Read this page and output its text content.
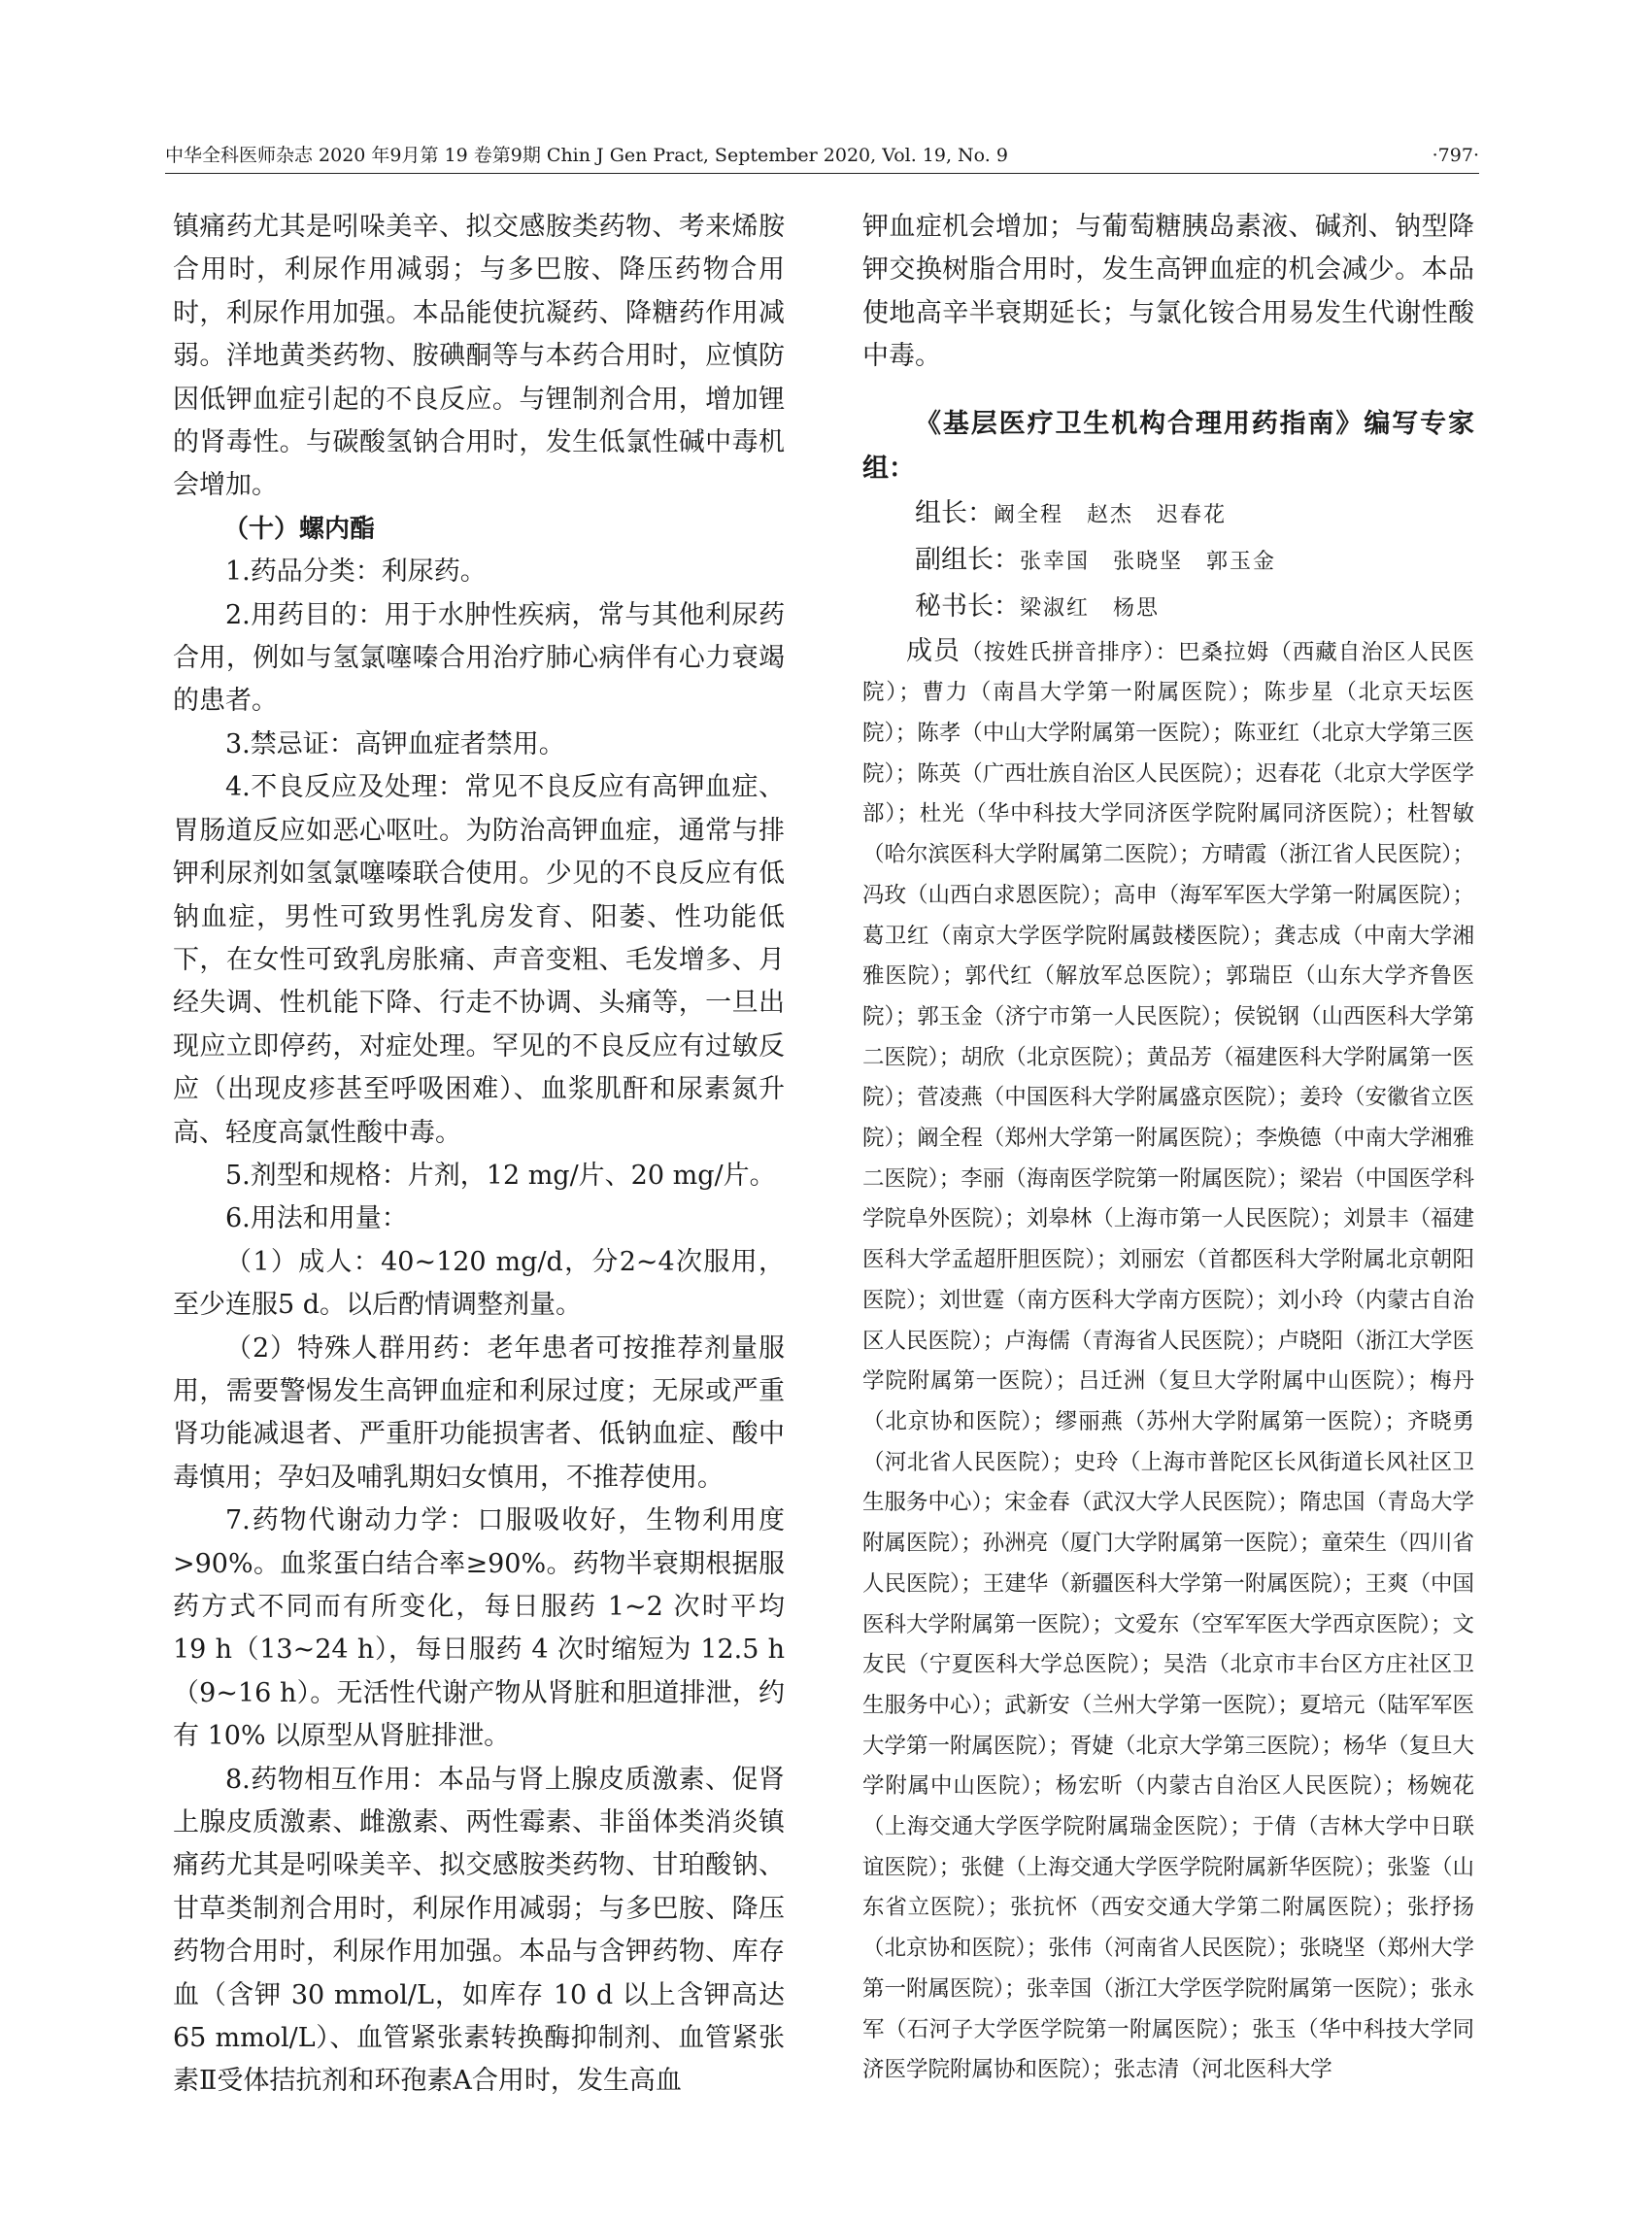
中华全科医师杂志 2020 年9月第 19 卷第9期 Chin J Gen Pract, September 2020, Vol. 19, No. 9	·797·

镇痛药尤其是吲哚美辛、拟交感胺类药物、考来烯胺合用时，利尿作用减弱；与多巴胺、降压药物合用时，利尿作用加强。本品能使抗凝药、降糖药作用减弱。洋地黄类药物、胺碘酮等与本药合用时，应慎防因低钾血症引起的不良反应。与锂制剂合用，增加锂的肾毒性。与碳酸氢钠合用时，发生低氯性碱中毒机会增加。

（十）螺内酯

1.药品分类：利尿药。

2.用药目的：用于水肿性疾病，常与其他利尿药合用，例如与氢氯噻嗪合用治疗肺心病伴有心力衰竭的患者。

3.禁忌证：高钾血症者禁用。

4.不良反应及处理：常见不良反应有高钾血症、胃肠道反应如恶心呕吐。为防治高钾血症，通常与排钾利尿剂如氢氯噻嗪联合使用。少见的不良反应有低钠血症，男性可致男性乳房发育、阳萎、性功能低下，在女性可致乳房胀痛、声音变粗、毛发增多、月经失调、性机能下降、行走不协调、头痛等，一旦出现应立即停药，对症处理。罕见的不良反应有过敏反应（出现皮疹甚至呼吸困难）、血浆肌酐和尿素氮升高、轻度高氯性酸中毒。

5.剂型和规格：片剂，12 mg/片、20 mg/片。

6.用法和用量：

（1）成人：40~120 mg/d，分2~4次服用，至少连服5 d。以后酌情调整剂量。

（2）特殊人群用药：老年患者可按推荐剂量服用，需要警惕发生高钾血症和利尿过度；无尿或严重肾功能减退者、严重肝功能损害者、低钠血症、酸中毒慎用；孕妇及哺乳期妇女慎用，不推荐使用。

7.药物代谢动力学：口服吸收好，生物利用度>90%。血浆蛋白结合率≥90%。药物半衰期根据服药方式不同而有所变化，每日服药 1~2 次时平均 19 h（13~24 h），每日服药 4 次时缩短为 12.5 h（9~16 h）。无活性代谢产物从肾脏和胆道排泄，约有 10% 以原型从肾脏排泄。

8.药物相互作用：本品与肾上腺皮质激素、促肾上腺皮质激素、雌激素、两性霉素、非甾体类消炎镇痛药尤其是吲哚美辛、拟交感胺类药物、甘珀酸钠、甘草类制剂合用时，利尿作用减弱；与多巴胺、降压药物合用时，利尿作用加强。本品与含钾药物、库存血（含钾 30 mmol/L，如库存 10 d 以上含钾高达 65 mmol/L）、血管紧张素转换酶抑制剂、血管紧张素Ⅱ受体拮抗剂和环孢素A合用时，发生高血

钾血症机会增加；与葡萄糖胰岛素液、碱剂、钠型降钾交换树脂合用时，发生高钾血症的机会减少。本品使地高辛半衰期延长；与氯化铵合用易发生代谢性酸中毒。

《基层医疗卫生机构合理用药指南》编写专家组：

组长：阚全程　赵杰　迟春花

副组长：张幸国　张晓坚　郭玉金

秘书长：梁淑红　杨思

成员（按姓氏拼音排序）：巴桑拉姆（西藏自治区人民医院）；曹力（南昌大学第一附属医院）；陈步星（北京天坛医院）；陈孝（中山大学附属第一医院）；陈亚红（北京大学第三医院）；陈英（广西壮族自治区人民医院）；迟春花（北京大学医学部）；杜光（华中科技大学同济医学院附属同济医院）；杜智敏（哈尔滨医科大学附属第二医院）；方晴霞（浙江省人民医院）；冯玫（山西白求恩医院）；高申（海军军医大学第一附属医院）；葛卫红（南京大学医学院附属鼓楼医院）；龚志成（中南大学湘雅医院）；郭代红（解放军总医院）；郭瑞臣（山东大学齐鲁医院）；郭玉金（济宁市第一人民医院）；侯锐钢（山西医科大学第二医院）；胡欣（北京医院）；黄品芳（福建医科大学附属第一医院）；菅凌燕（中国医科大学附属盛京医院）；姜玲（安徽省立医院）；阚全程（郑州大学第一附属医院）；李焕德（中南大学湘雅二医院）；李丽（海南医学院第一附属医院）；梁岩（中国医学科学院阜外医院）；刘皋林（上海市第一人民医院）；刘景丰（福建医科大学孟超肝胆医院）；刘丽宏（首都医科大学附属北京朝阳医院）；刘世霆（南方医科大学南方医院）；刘小玲（内蒙古自治区人民医院）；卢海儒（青海省人民医院）；卢晓阳（浙江大学医学院附属第一医院）；吕迁洲（复旦大学附属中山医院）；梅丹（北京协和医院）；缪丽燕（苏州大学附属第一医院）；齐晓勇（河北省人民医院）；史玲（上海市普陀区长风街道长风社区卫生服务中心）；宋金春（武汉大学人民医院）；隋忠国（青岛大学附属医院）；孙洲亮（厦门大学附属第一医院）；童荣生（四川省人民医院）；王建华（新疆医科大学第一附属医院）；王爽（中国医科大学附属第一医院）；文爱东（空军军医大学西京医院）；文友民（宁夏医科大学总医院）；吴浩（北京市丰台区方庄社区卫生服务中心）；武新安（兰州大学第一医院）；夏培元（陆军军医大学第一附属医院）；胥婕（北京大学第三医院）；杨华（复旦大学附属中山医院）；杨宏昕（内蒙古自治区人民医院）；杨婉花（上海交通大学医学院附属瑞金医院）；于倩（吉林大学中日联谊医院）；张健（上海交通大学医学院附属新华医院）；张鉴（山东省立医院）；张抗怀（西安交通大学第二附属医院）；张抒扬（北京协和医院）；张伟（河南省人民医院）；张晓坚（郑州大学第一附属医院）；张幸国（浙江大学医学院附属第一医院）；张永军（石河子大学医学院第一附属医院）；张玉（华中科技大学同济医学院附属协和医院）；张志清（河北医科大学
